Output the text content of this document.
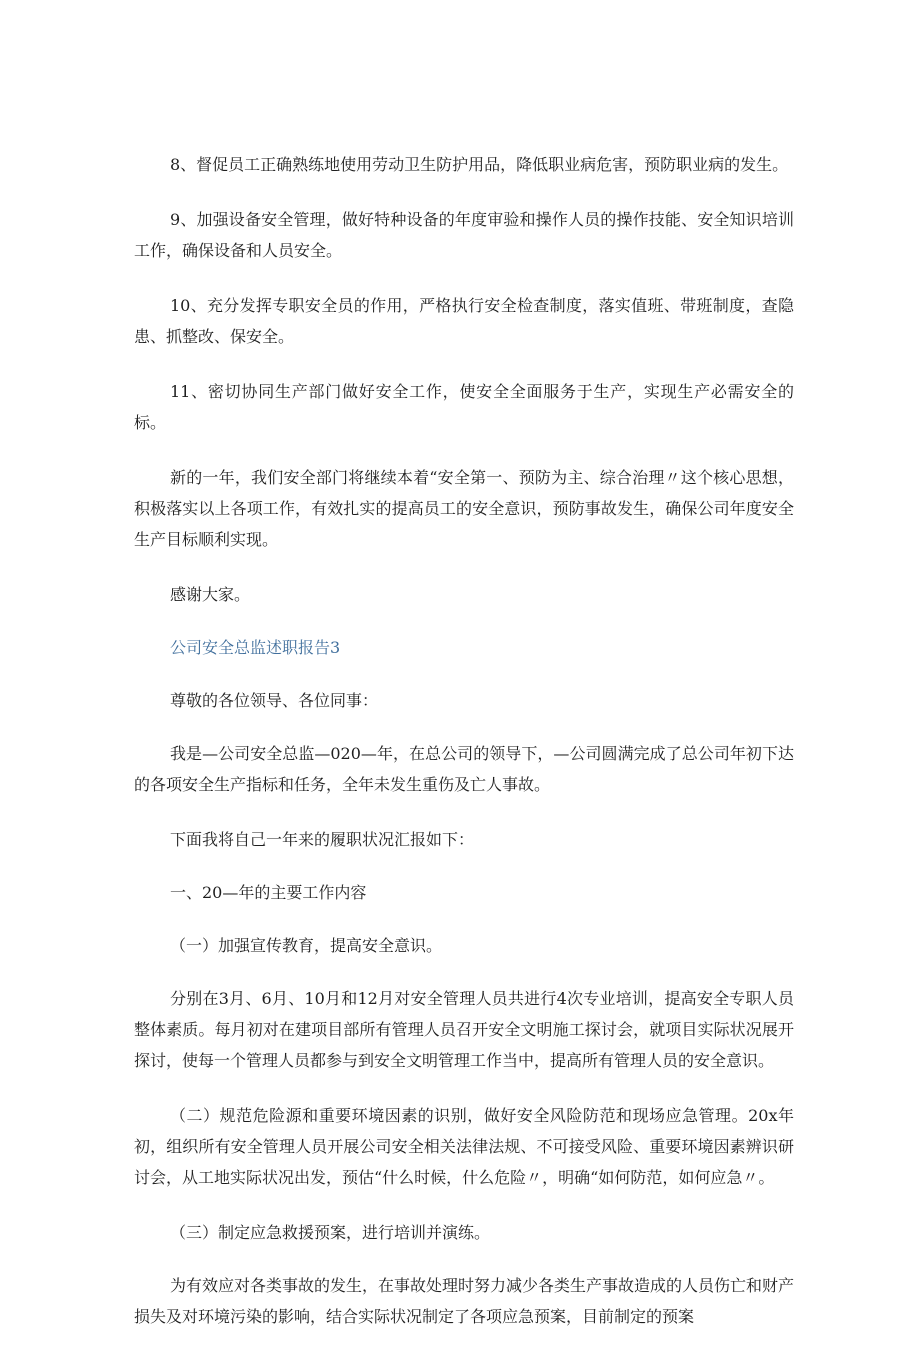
8、督促员工正确熟练地使用劳动卫生防护用品，降低职业病危害，预防职业病的发生。

9、加强设备安全管理，做好特种设备的年度审验和操作人员的操作技能、安全知识培训工作，确保设备和人员安全。

10、充分发挥专职安全员的作用，严格执行安全检查制度，落实值班、带班制度，查隐患、抓整改、保安全。

11、密切协同生产部门做好安全工作，使安全全面服务于生产，实现生产必需安全的标。

新的一年，我们安全部门将继续本着“安全第一、预防为主、综合治理〃这个核心思想，积极落实以上各项工作，有效扎实的提高员工的安全意识，预防事故发生，确保公司年度安全生产目标顺利实现。

感谢大家。

公司安全总监述职报告3

尊敬的各位领导、各位同事：

我是—公司安全总监—020—年，在总公司的领导下，—公司圆满完成了总公司年初下达的各项安全生产指标和任务，全年未发生重伤及亡人事故。

下面我将自己一年来的履职状况汇报如下：

一、20—年的主要工作内容

（一）加强宣传教育，提高安全意识。

分别在3月、6月、10月和12月对安全管理人员共进行4次专业培训，提高安全专职人员整体素质。每月初对在建项目部所有管理人员召开安全文明施工探讨会，就项目实际状况展开探讨，使每一个管理人员都参与到安全文明管理工作当中，提高所有管理人员的安全意识。

（二）规范危险源和重要环境因素的识别，做好安全风险防范和现场应急管理。20x年初，组织所有安全管理人员开展公司安全相关法律法规、不可接受风险、重要环境因素辨识研讨会，从工地实际状况出发，预估“什么时候，什么危险〃，明确“如何防范，如何应急〃。

（三）制定应急救援预案，进行培训并演练。

为有效应对各类事故的发生，在事故处理时努力减少各类生产事故造成的人员伤亡和财产损失及对环境污染的影响，结合实际状况制定了各项应急预案，目前制定的预案
